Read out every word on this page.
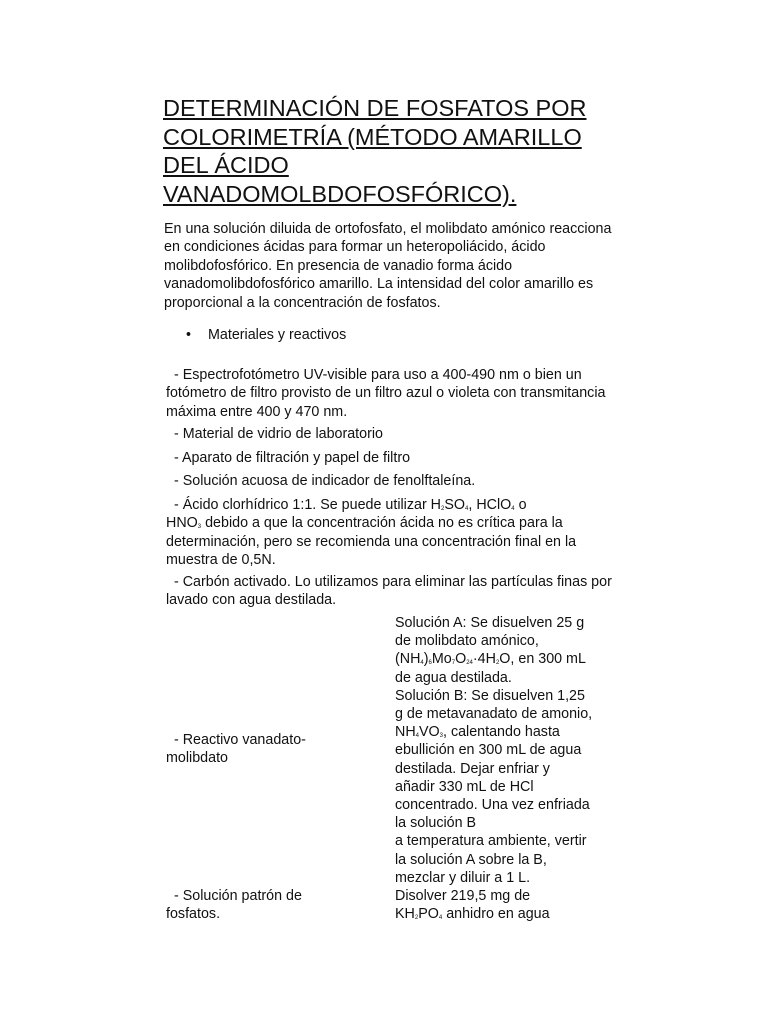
DETERMINACIÓN DE FOSFATOS POR
COLORIMETRÍA (MÉTODO AMARILLO
DEL ÁCIDO
VANADOMOLBDOFOSFÓRICO).

En una solución diluida de ortofosfato, el molibdato amónico reacciona en condiciones ácidas para formar un heteropoliácido, ácido molibdofosfórico. En presencia de vanadio forma ácido vanadomolibdofosfórico amarillo. La intensidad del color amarillo es proporcional a la concentración de fosfatos.

•	Materiales y reactivos

- Espectrofotómetro UV-visible para uso a 400-490 nm o bien un fotómetro de filtro provisto de un filtro azul o violeta con transmitancia máxima entre 400 y 470 nm.

- Material de vidrio de laboratorio

- Aparato de filtración y papel de filtro

- Solución acuosa de indicador de fenolftaleína.

- Ácido clorhídrico 1:1. Se puede utilizar $H_2SO_4$, HClO$_4$ o
$HNO_3$ debido a que la concentración ácida no es crítica para la determinación, pero se recomienda una concentración final en la muestra de 0,5N.

- Carbón activado. Lo utilizamos para eliminar las partículas finas por lavado con agua destilada.

- Reactivo vanadato-
molibdato
Solución A: Se disuelven 25 g
de molibdato amónico,
$(NH_4)_6Mo_7O_{24}\cdot 4H_2O$, en 300 mL
de agua destilada.
Solución B: Se disuelven 1,25
g de metavanadato de amonio,
$NH_4VO_3$, calentando hasta
ebullición en 300 mL de agua
destilada. Dejar enfriar y
añadir 330 mL de HCl
concentrado. Una vez enfriada
la solución B
a temperatura ambiente, vertir
la solución A sobre la B,
mezclar y diluir a 1 L.
- Solución patrón de
fosfatos.
Disolver 219,5 mg de
$KH_2PO_4$ anhidro en agua
